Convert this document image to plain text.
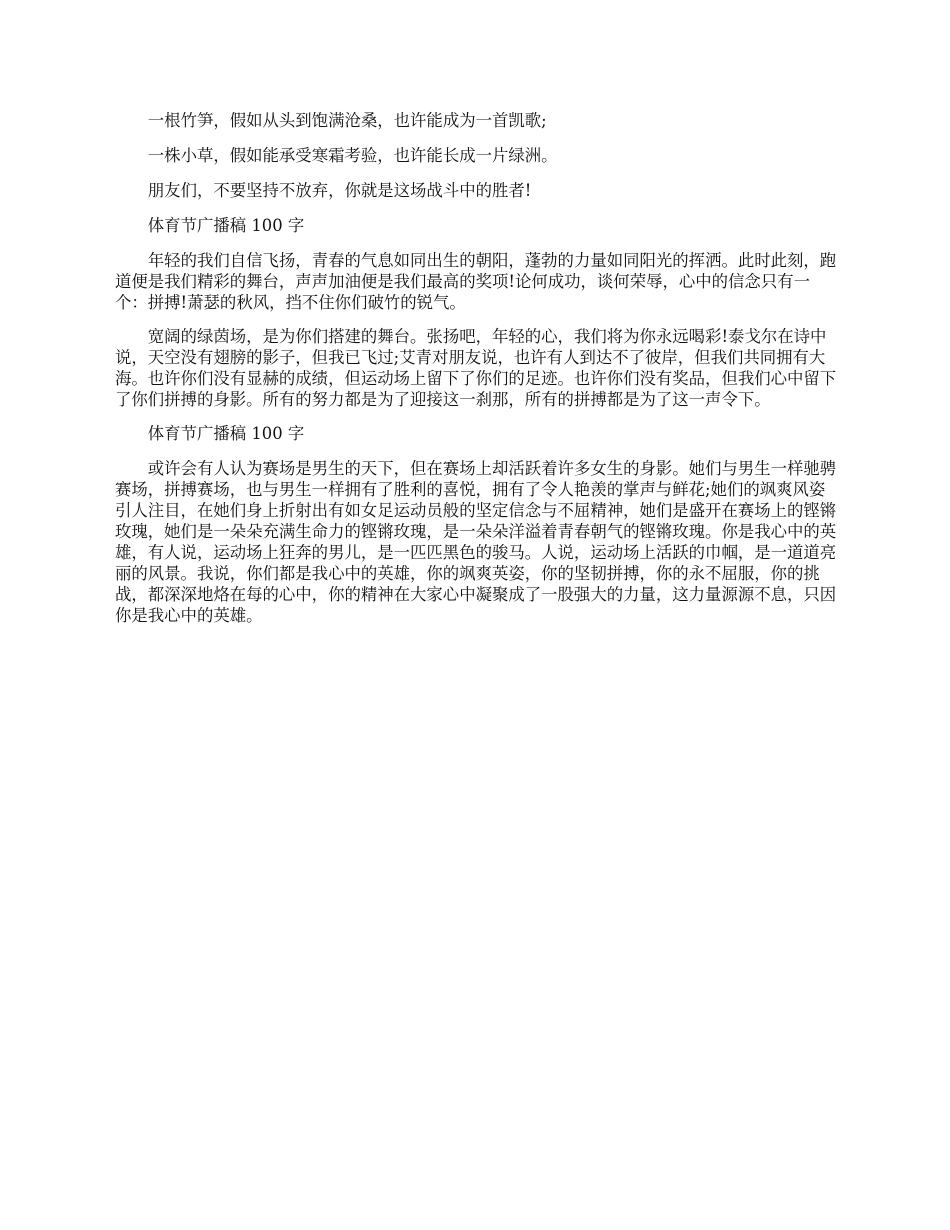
一根竹笋，假如从头到饱满沧桑，也许能成为一首凯歌;

一株小草，假如能承受寒霜考验，也许能长成一片绿洲。

朋友们，不要坚持不放弃，你就是这场战斗中的胜者!

体育节广播稿 100 字

年轻的我们自信飞扬，青春的气息如同出生的朝阳，蓬勃的力量如同阳光的挥洒。此时此刻，跑道便是我们精彩的舞台，声声加油便是我们最高的奖项!论何成功，谈何荣辱，心中的信念只有一个：拼搏!萧瑟的秋风，挡不住你们破竹的锐气。

宽阔的绿茵场，是为你们搭建的舞台。张扬吧，年轻的心，我们将为你永远喝彩!泰戈尔在诗中说，天空没有翅膀的影子，但我已飞过;艾青对朋友说，也许有人到达不了彼岸，但我们共同拥有大海。也许你们没有显赫的成绩，但运动场上留下了你们的足迹。也许你们没有奖品，但我们心中留下了你们拼搏的身影。所有的努力都是为了迎接这一刹那，所有的拼搏都是为了这一声令下。

体育节广播稿 100 字

或许会有人认为赛场是男生的天下，但在赛场上却活跃着许多女生的身影。她们与男生一样驰骋赛场，拼搏赛场，也与男生一样拥有了胜利的喜悦，拥有了令人艳羡的掌声与鲜花;她们的飒爽风姿引人注目，在她们身上折射出有如女足运动员般的坚定信念与不屈精神，她们是盛开在赛场上的铿锵玫瑰，她们是一朵朵充满生命力的铿锵玫瑰，是一朵朵洋溢着青春朝气的铿锵玫瑰。你是我心中的英雄，有人说，运动场上狂奔的男儿，是一匹匹黑色的骏马。人说，运动场上活跃的巾帼，是一道道亮丽的风景。我说，你们都是我心中的英雄，你的飒爽英姿，你的坚韧拼搏，你的永不屈服，你的挑战，都深深地烙在每的心中，你的精神在大家心中凝聚成了一股强大的力量，这力量源源不息，只因你是我心中的英雄。
